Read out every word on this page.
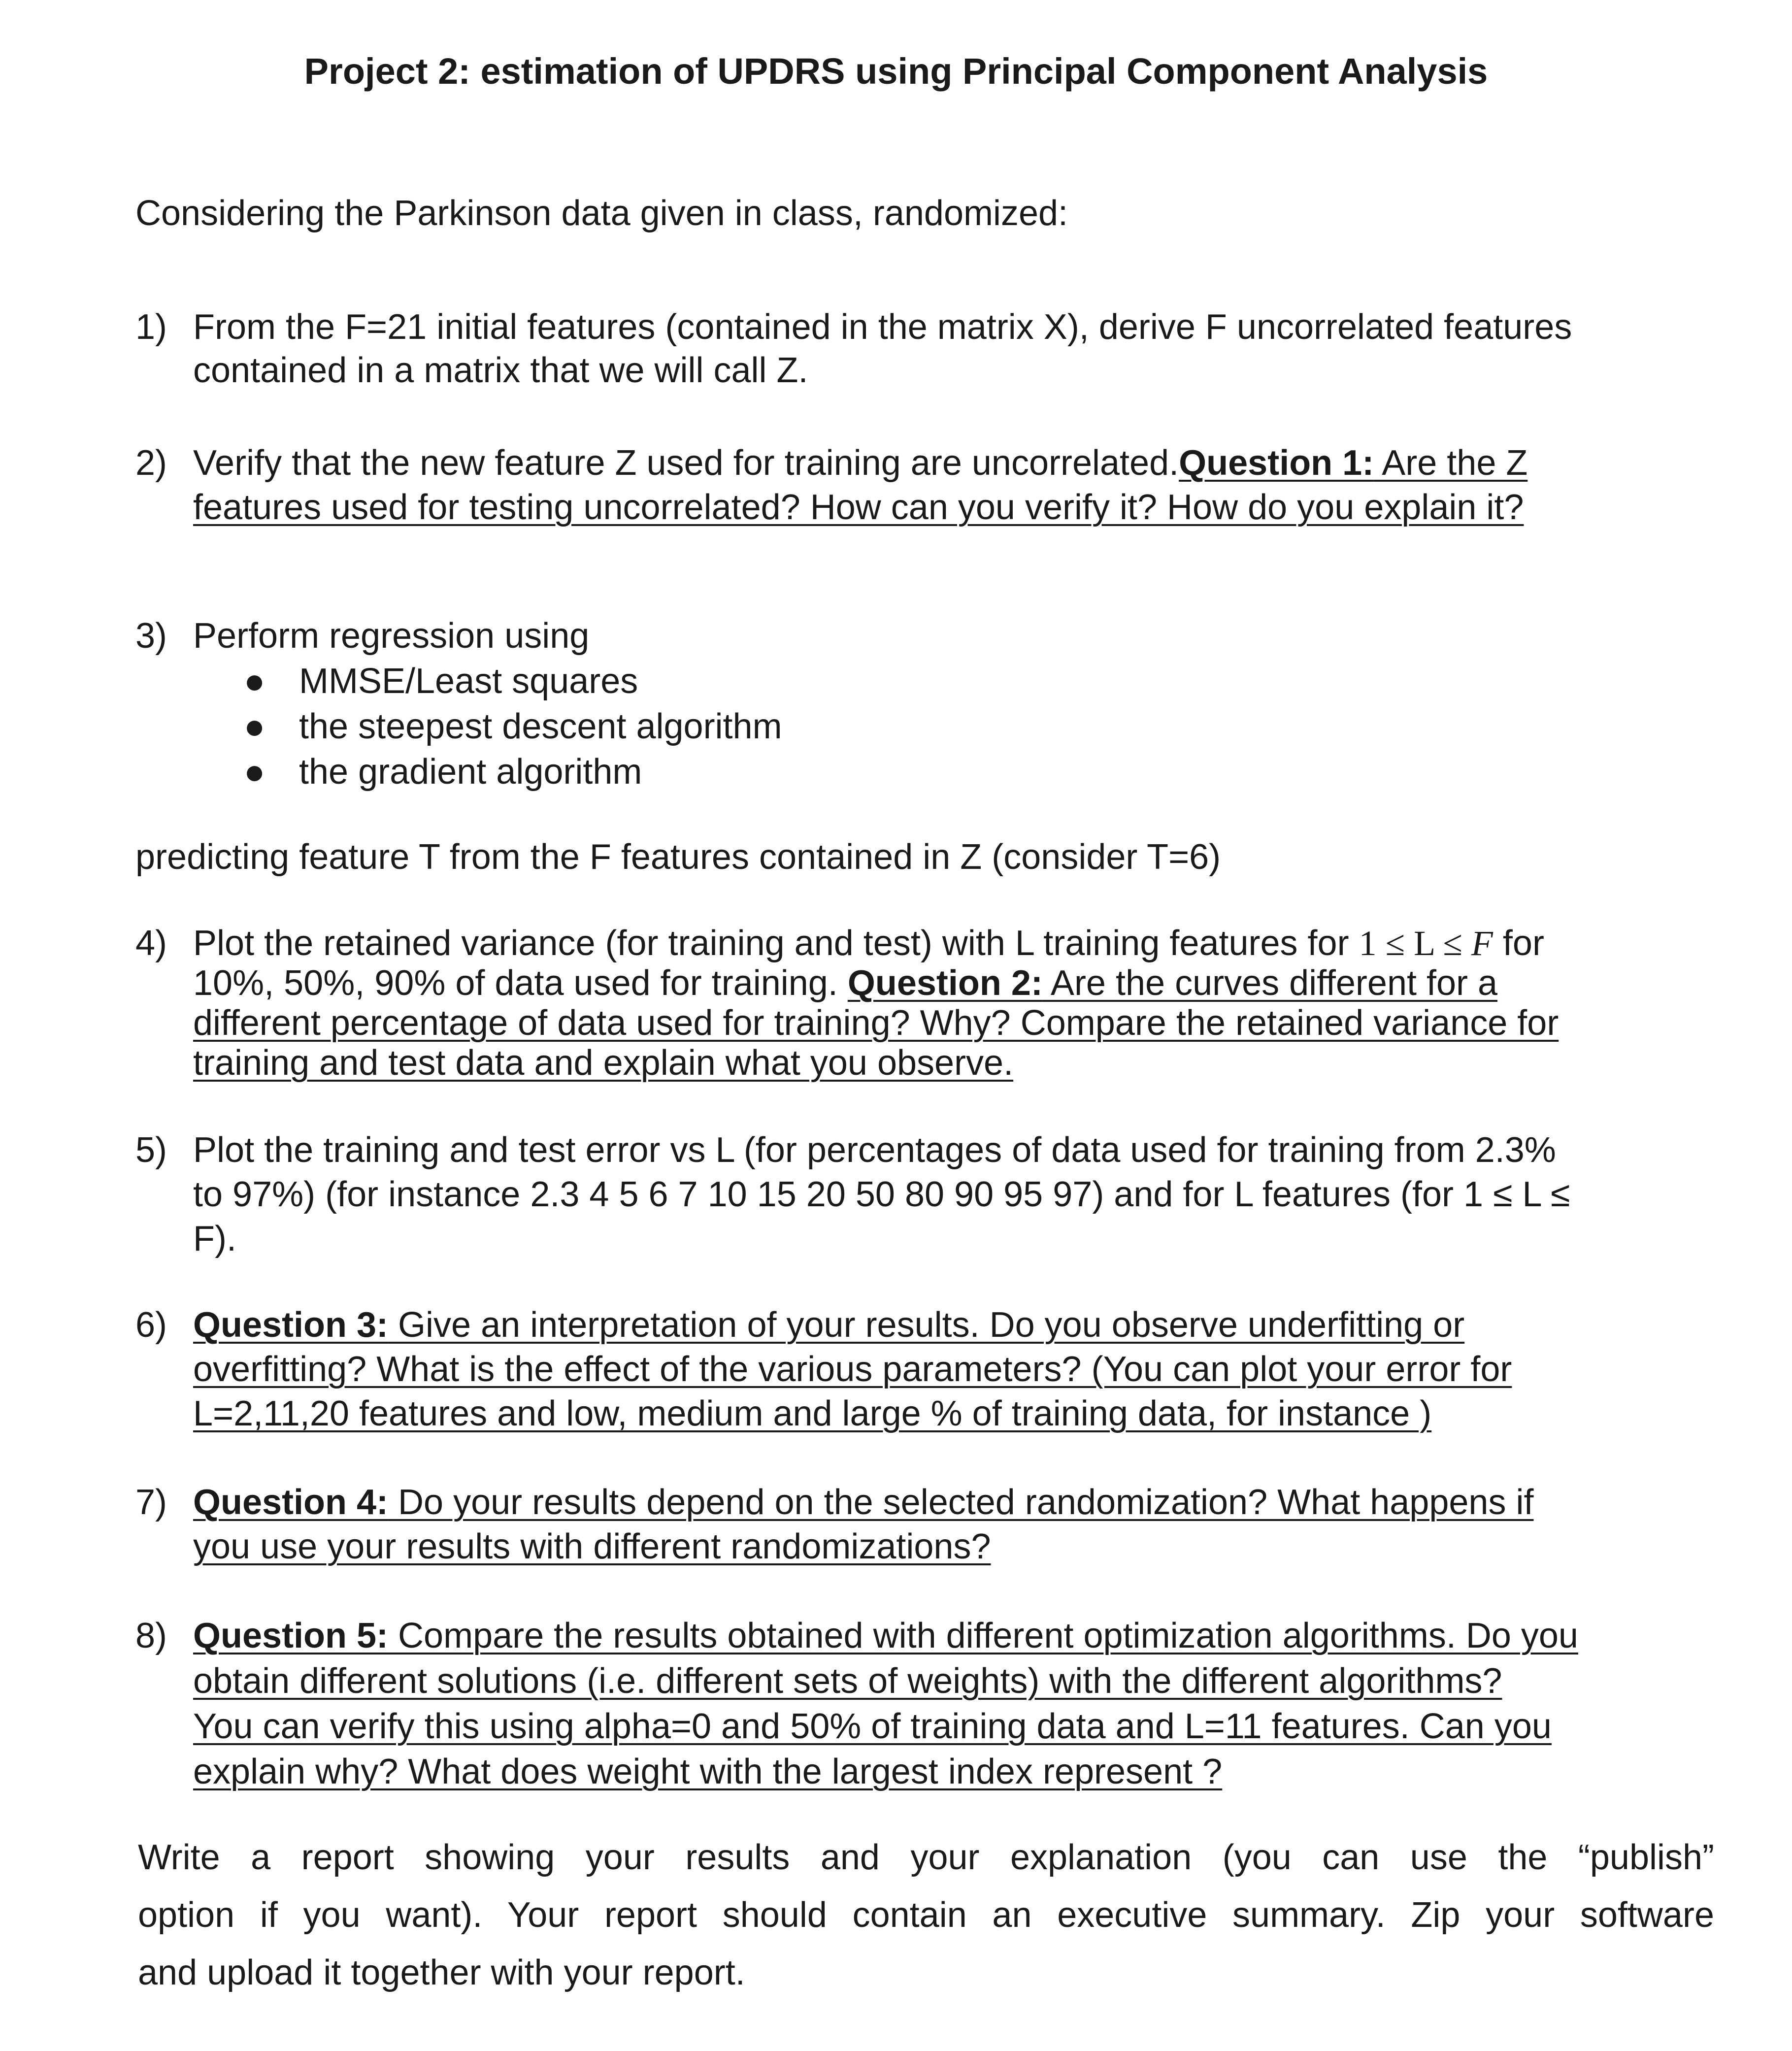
Project 2: estimation of UPDRS using Principal Component Analysis
Considering the Parkinson data given in class, randomized:
1) From the F=21 initial features (contained in the matrix X), derive F uncorrelated features
contained in a matrix that we will call Z.
2) Verify that the new feature Z used for training are uncorrelated.Question 1: Are the Z
features used for testing uncorrelated? How can you verify it? How do you explain it?
3) Perform regression using
● MMSE/Least squares
● the steepest descent algorithm
● the gradient algorithm
predicting feature T from the F features contained in Z (consider T=6)
4) Plot the retained variance (for training and test) with L training features for 1 ≤ L ≤ F for
10%, 50%, 90% of data used for training. Question 2: Are the curves different for a
different percentage of data used for training? Why? Compare the retained variance for
training and test data and explain what you observe.
5) Plot the training and test error vs L (for percentages of data used for training from 2.3%
to 97%) (for instance 2.3 4 5 6 7 10 15 20 50 80 90 95 97) and for L features (for 1 ≤ L ≤
F).
6) Question 3: Give an interpretation of your results. Do you observe underfitting or
overfitting? What is the effect of the various parameters? (You can plot your error for
L=2,11,20 features and low, medium and large % of training data, for instance )
7) Question 4: Do your results depend on the selected randomization? What happens if
you use your results with different randomizations?
8) Question 5: Compare the results obtained with different optimization algorithms. Do you
obtain different solutions (i.e. different sets of weights) with the different algorithms?
You can verify this using alpha=0 and 50% of training data and L=11 features. Can you
explain why? What does weight with the largest index represent ?
Write a report showing your results and your explanation (you can use the “publish”
option if you want). Your report should contain an executive summary. Zip your software
and upload it together with your report.
